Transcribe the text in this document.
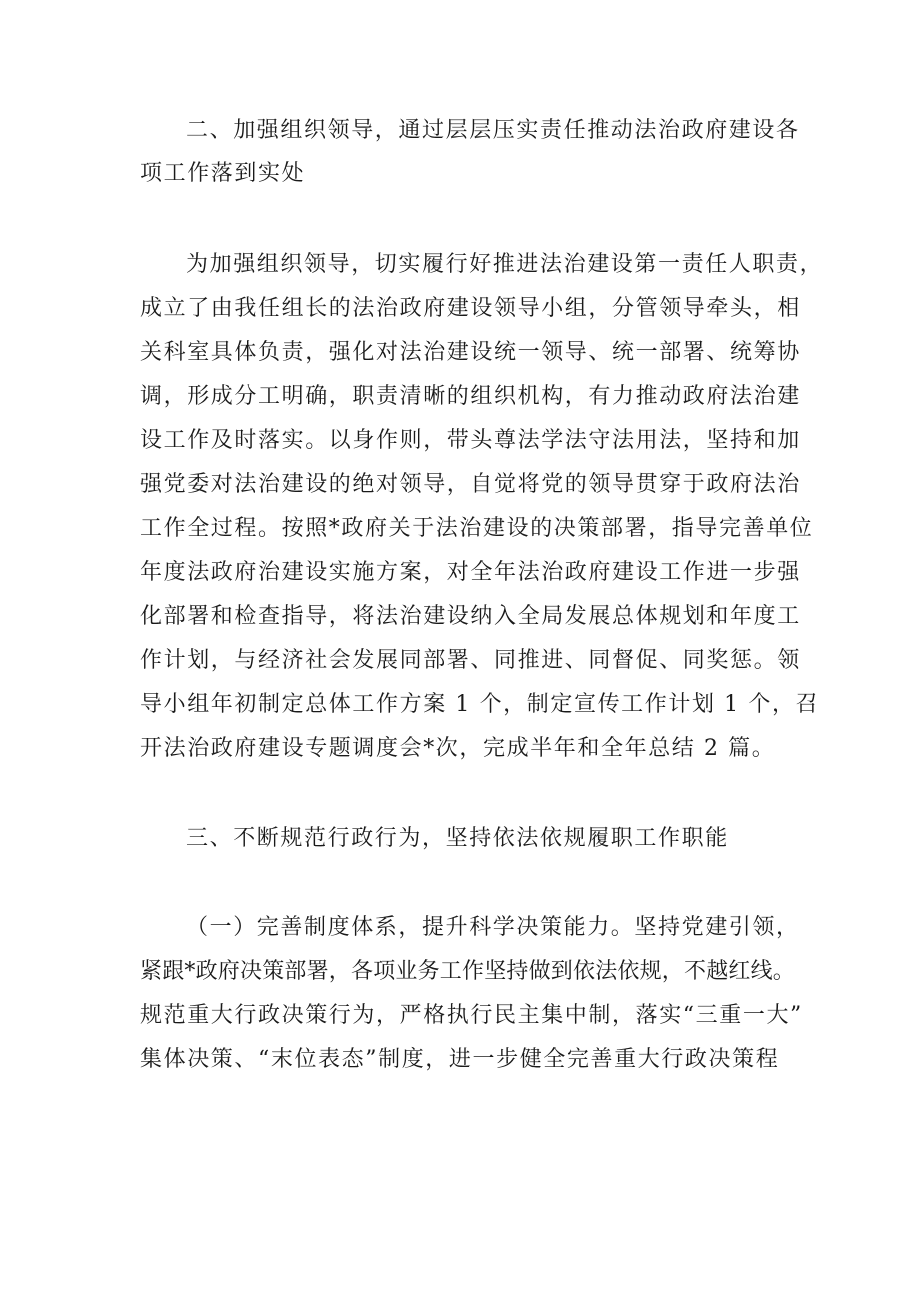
二、加强组织领导，通过层层压实责任推动法治政府建设各
项工作落到实处
为加强组织领导，切实履行好推进法治建设第一责任人职责，
成立了由我任组长的法治政府建设领导小组，分管领导牵头，相
关科室具体负责，强化对法治建设统一领导、统一部署、统筹协
调，形成分工明确，职责清晰的组织机构，有力推动政府法治建
设工作及时落实。以身作则，带头尊法学法守法用法，坚持和加
强党委对法治建设的绝对领导，自觉将党的领导贯穿于政府法治
工作全过程。按照*政府关于法治建设的决策部署，指导完善单位
年度法政府治建设实施方案，对全年法治政府建设工作进一步强
化部署和检查指导，将法治建设纳入全局发展总体规划和年度工
作计划，与经济社会发展同部署、同推进、同督促、同奖惩。领
导小组年初制定总体工作方案 1 个，制定宣传工作计划 1 个，召
开法治政府建设专题调度会*次，完成半年和全年总结 2 篇。
三、不断规范行政行为，坚持依法依规履职工作职能
（一）完善制度体系，提升科学决策能力。坚持党建引领，
紧跟*政府决策部署，各项业务工作坚持做到依法依规，不越红线。
规范重大行政决策行为，严格执行民主集中制，落实“三重一大”
集体决策、“末位表态”制度，进一步健全完善重大行政决策程
